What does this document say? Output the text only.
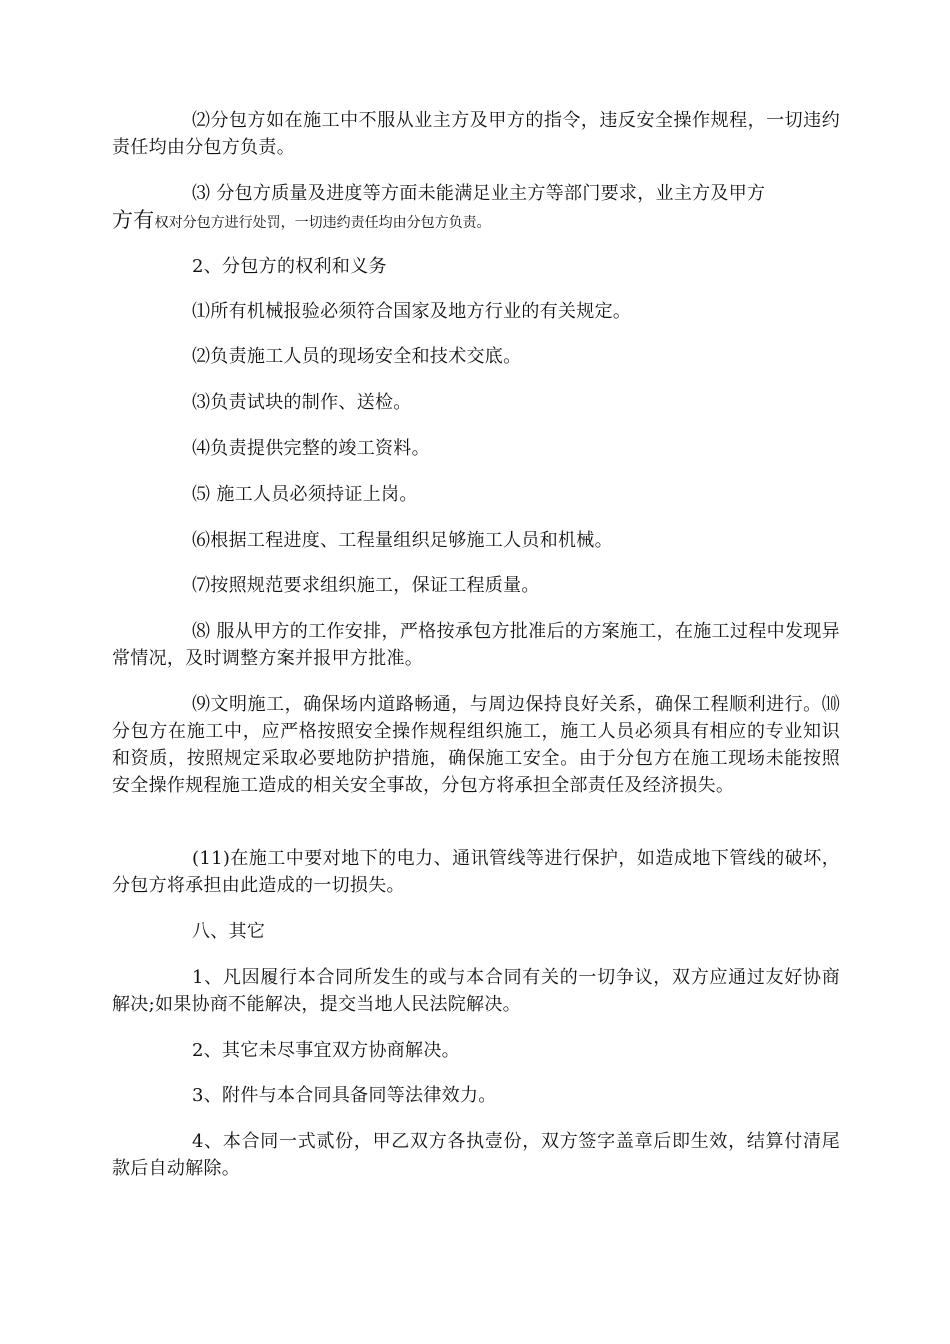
⑵分包方如在施工中不服从业主方及甲方的指令，违反安全操作规程，一切违约责任均由分包方负责。

⑶ 分包方质量及进度等方面未能满足业主方等部门要求，业主方及甲方

方有权对分包方进行处罚，一切违约责任均由分包方负责。

2、分包方的权利和义务

⑴所有机械报验必须符合国家及地方行业的有关规定。

⑵负责施工人员的现场安全和技术交底。

⑶负责试块的制作、送检。

⑷负责提供完整的竣工资料。

⑸ 施工人员必须持证上岗。

⑹根据工程进度、工程量组织足够施工人员和机械。

⑺按照规范要求组织施工，保证工程质量。

⑻ 服从甲方的工作安排，严格按承包方批准后的方案施工，在施工过程中发现异常情况，及时调整方案并报甲方批准。

⑼文明施工，确保场内道路畅通，与周边保持良好关系，确保工程顺利进行。⑽ 分包方在施工中，应严格按照安全操作规程组织施工，施工人员必须具有相应的专业知识和资质，按照规定采取必要地防护措施，确保施工安全。由于分包方在施工现场未能按照安全操作规程施工造成的相关安全事故，分包方将承担全部责任及经济损失。

(11)在施工中要对地下的电力、通讯管线等进行保护，如造成地下管线的破坏，分包方将承担由此造成的一切损失。

八、其它

1、凡因履行本合同所发生的或与本合同有关的一切争议，双方应通过友好协商解决;如果协商不能解决，提交当地人民法院解决。

2、其它未尽事宜双方协商解决。

3、附件与本合同具备同等法律效力。

4、本合同一式贰份，甲乙双方各执壹份，双方签字盖章后即生效，结算付清尾款后自动解除。
